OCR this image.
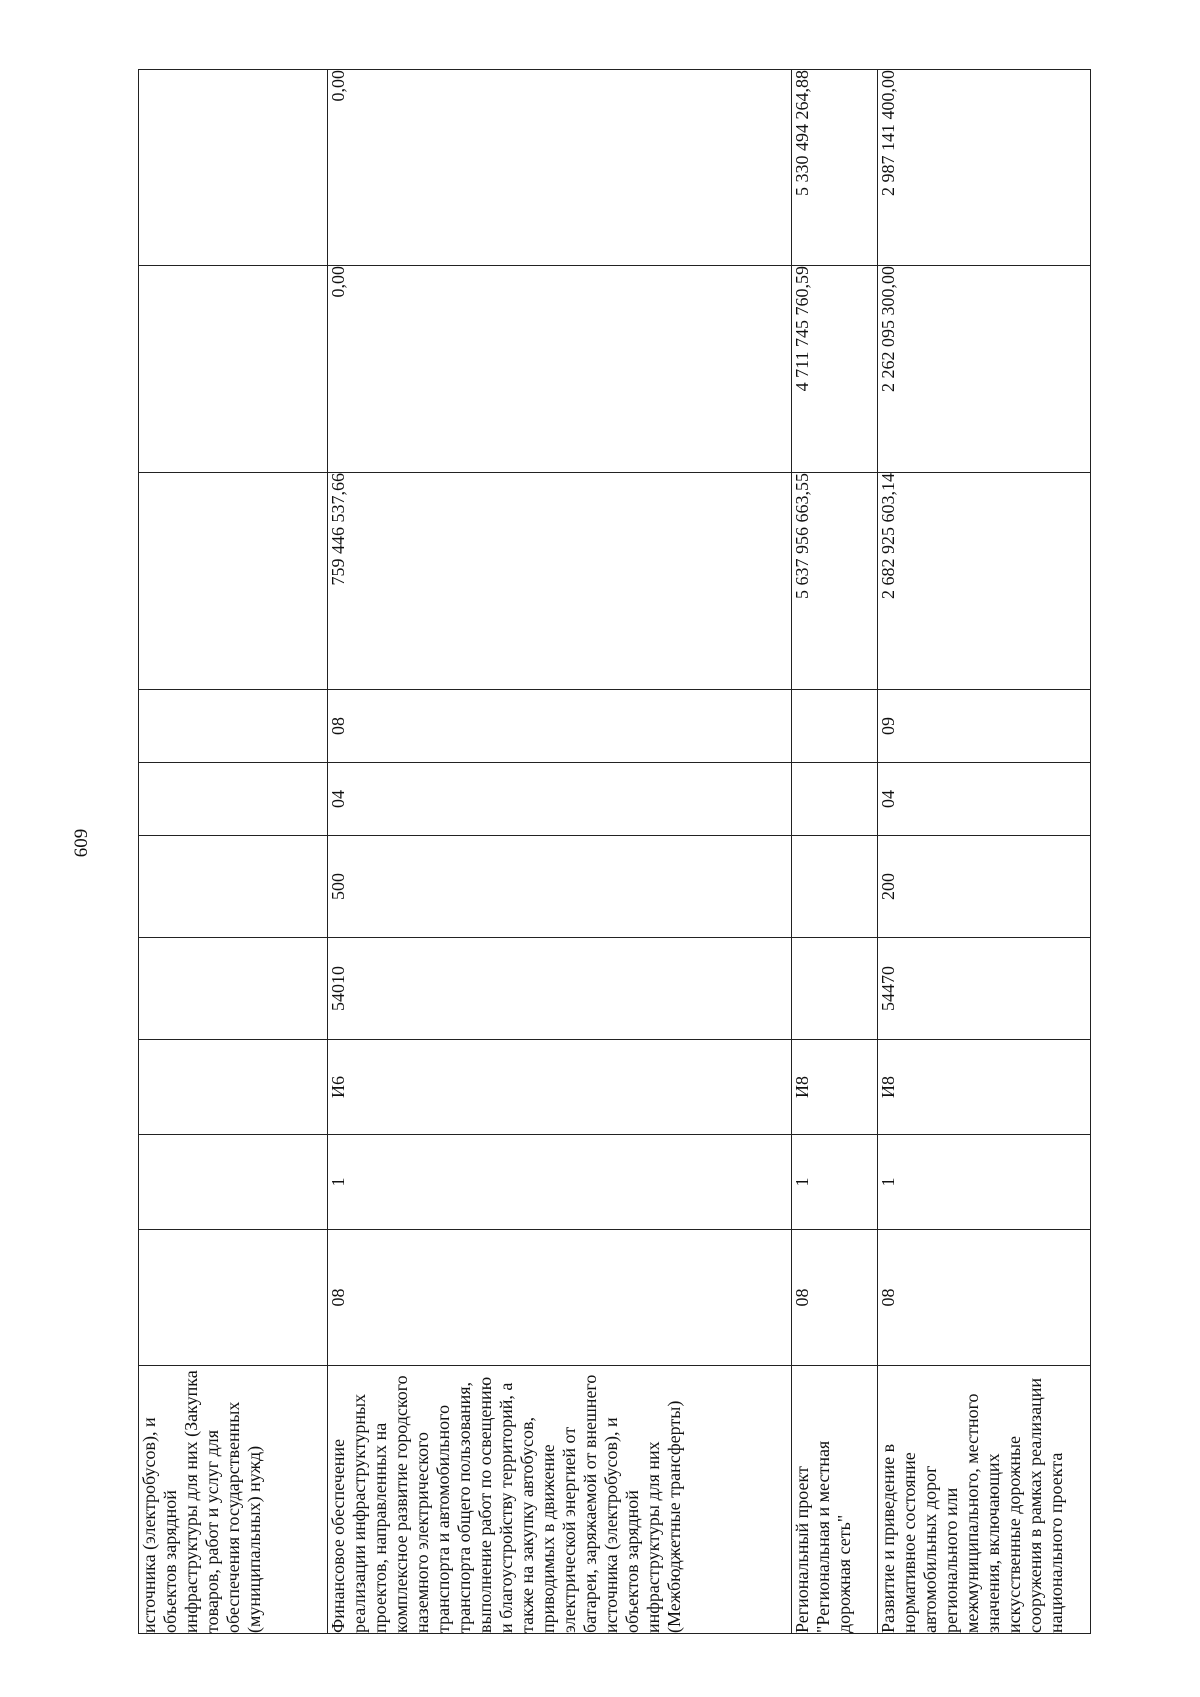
609
источника (электробусов), и объектов зарядной инфраструктуры для них (Закупка товаров, работ и услуг для обеспечения государственных (муниципальных) нужд)										
Финансовое обеспечение реализации инфраструктурных проектов, направленных на комплексное развитие городского наземного электрического транспорта и автомобильного транспорта общего пользования, выполнение работ по освещению и благоустройству территорий, а также на закупку автобусов, приводимых в движение электрической энергией от батареи, заряжаемой от внешнего источника (электробусов), и объектов зарядной инфраструктуры для них (Межбюджетные трансферты)	08	1	И6	54010	500	04	08	759 446 537,66	0,00	0,00
Региональный проект "Региональная и местная дорожная сеть"	08	1	И8					5 637 956 663,55	4 711 745 760,59	5 330 494 264,88
Развитие и приведение в нормативное состояние автомобильных дорог регионального или межмуниципального, местного значения, включающих искусственные дорожные сооружения в рамках реализации национального проекта	08	1	И8	54470	200	04	09	2 682 925 603,14	2 262 095 300,00	2 987 141 400,00
